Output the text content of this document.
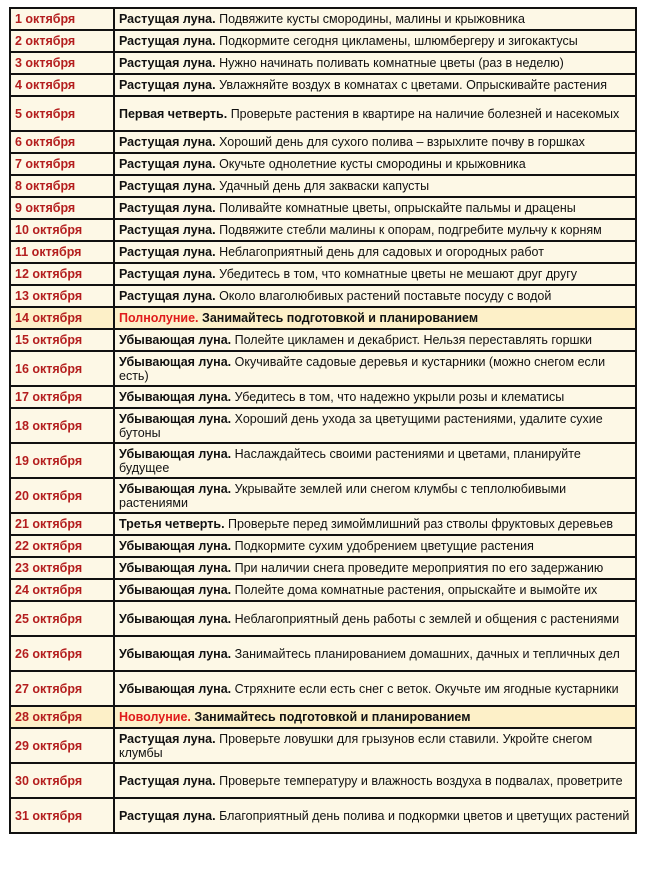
1 октября	Растущая луна. Подвяжите кусты смородины, малины и крыжовника
2 октября	Растущая луна. Подкормите сегодня цикламены, шлюмбергеру и зигокактусы
3 октября	Растущая луна. Нужно начинать поливать комнатные цветы (раз в неделю)
4 октября	Растущая луна. Увлажняйте воздух в комнатах с цветами. Опрыскивайте растения
5 октября	Первая четверть. Проверьте растения в квартире на наличие болезней и насекомых
6 октября	Растущая луна. Хороший день для сухого полива – взрыхлите почву в горшках
7 октября	Растущая луна. Окучьте однолетние кусты смородины и крыжовника
8 октября	Растущая луна. Удачный день для закваски капусты
9 октября	Растущая луна. Поливайте комнатные цветы, опрыскайте пальмы и драцены
10 октября	Растущая луна. Подвяжите стебли малины к опорам, подгребите мульчу к корням
11 октября	Растущая луна. Неблагоприятный день для садовых и огородных работ
12 октября	Растущая луна. Убедитесь в том, что комнатные цветы не мешают друг другу
13 октября	Растущая луна. Около влаголюбивых растений поставьте посуду с водой
14 октября	Полнолуние. Занимайтесь подготовкой и планированием
15 октября	Убывающая луна. Полейте цикламен и декабрист. Нельзя переставлять горшки
16 октября	Убывающая луна. Окучивайте садовые деревья и кустарники (можно снегом если есть)
17 октября	Убывающая луна. Убедитесь в том, что надежно укрыли розы и клематисы
18 октября	Убывающая луна. Хороший день ухода за цветущими растениями, удалите сухие бутоны
19 октября	Убывающая луна. Наслаждайтесь своими растениями и цветами, планируйте будущее
20 октября	Убывающая луна. Укрывайте землей или снегом клумбы с теплолюбивыми растениями
21 октября	Третья четверть. Проверьте перед зимоймлишний раз стволы фруктовых деревьев
22 октября	Убывающая луна. Подкормите сухим удобрением цветущие растения
23 октября	Убывающая луна. При наличии снега проведите мероприятия по его задержанию
24 октября	Убывающая луна. Полейте дома комнатные растения, опрыскайте и вымойте их
25 октября	Убывающая луна. Неблагоприятный день работы с землей и общения с растениями
26 октября	Убывающая луна. Занимайтесь планированием домашних, дачных и тепличных дел
27 октября	Убывающая луна. Стряхните если есть снег с веток. Окучьте им ягодные кустарники
28 октября	Новолуние. Занимайтесь подготовкой и планированием
29 октября	Растущая луна. Проверьте ловушки для грызунов если ставили. Укройте снегом клумбы
30 октября	Растущая луна. Проверьте температуру и влажность воздуха в подвалах, проветрите
31 октября	Растущая луна. Благоприятный день полива и подкормки цветов и цветущих растений
